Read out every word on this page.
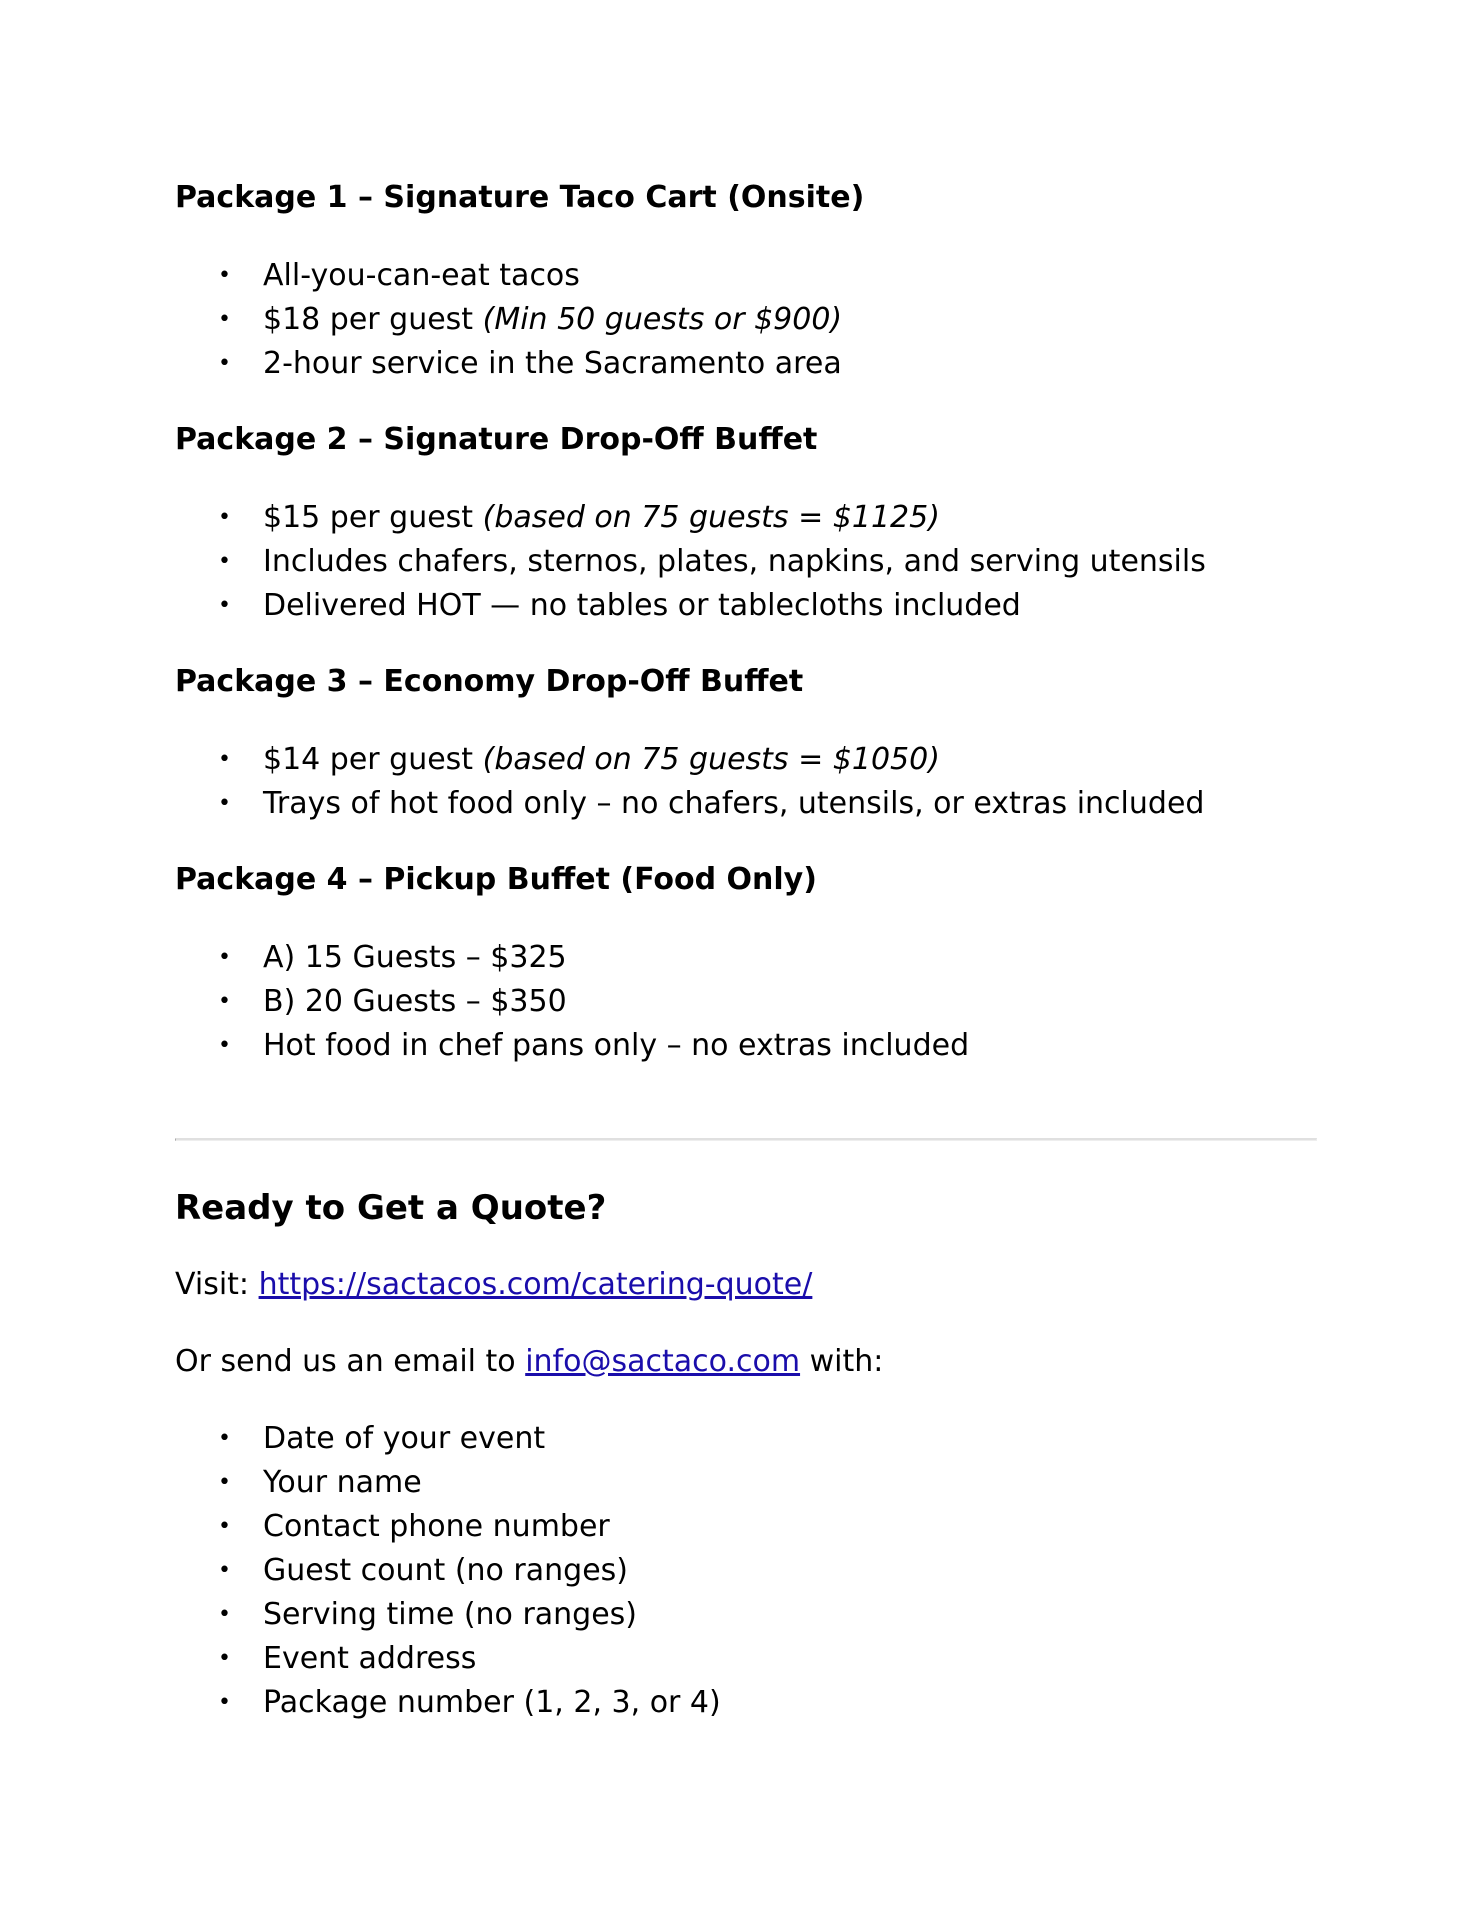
Package 1 – Signature Taco Cart (Onsite)
• All-you-can-eat tacos
• $18 per guest (Min 50 guests or $900)
• 2-hour service in the Sacramento area
Package 2 – Signature Drop-Off Buffet
• $15 per guest (based on 75 guests = $1125)
• Includes chafers, sternos, plates, napkins, and serving utensils
• Delivered HOT — no tables or tablecloths included
Package 3 – Economy Drop-Off Buffet
• $14 per guest (based on 75 guests = $1050)
• Trays of hot food only – no chafers, utensils, or extras included
Package 4 – Pickup Buffet (Food Only)
• A) 15 Guests – $325
• B) 20 Guests – $350
• Hot food in chef pans only – no extras included
Ready to Get a Quote?

Visit: https://sactacos.com/catering-quote/

Or send us an email to info@sactaco.com with:

• Date of your event
• Your name
• Contact phone number
• Guest count (no ranges)
• Serving time (no ranges)
• Event address
• Package number (1, 2, 3, or 4)
